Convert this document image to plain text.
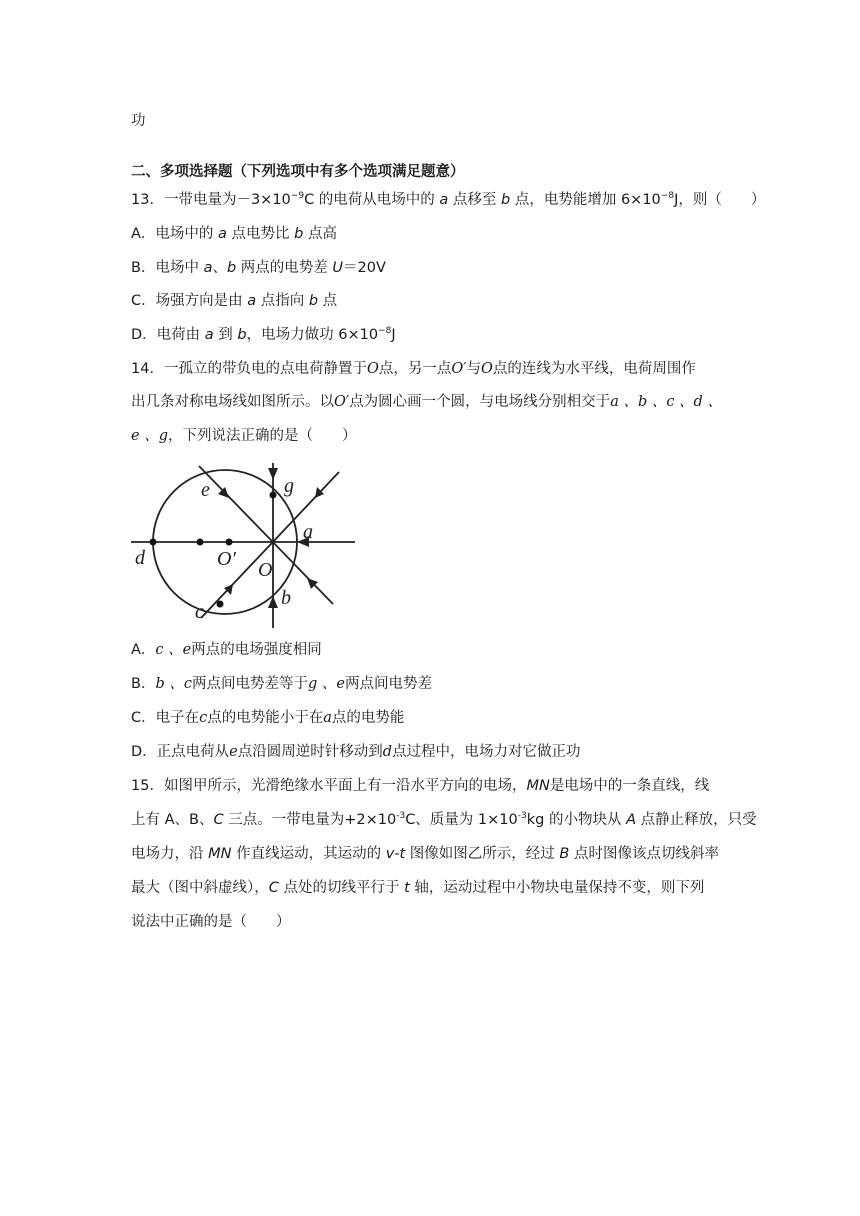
功
二、多项选择题（下列选项中有多个选项满足题意）
13．一带电量为$-3\times 10^{-9}C$ 的电荷从电场中的 a 点移至 b 点，电势能增加 $6\times 10^{-8}J$，则（　　）
A．电场中的 a 点电势比 b 点高
B．电场中 a、b 两点的电势差 U＝20V
C．场强方向是由 a 点指向 b 点
D．电荷由 a 到 b，电场力做功 $6\times 10^{-8}J$
14．一孤立的带负电的点电荷静置于O点，另一点O′与O点的连线为水平线，电荷周围作
出几条对称电场线如图所示。以O′点为圆心画一个圆，与电场线分别相交于a 、b 、c 、d 、
e 、g，下列说法正确的是（　　）
e	g
a
d	O′ O
b
c
A．c 、e两点的电场强度相同
B．b 、c两点间电势差等于g 、e两点间电势差
C．电子在c点的电势能小于在a点的电势能
D．正点电荷从e点沿圆周逆时针移动到d点过程中，电场力对它做正功
15．如图甲所示，光滑绝缘水平面上有一沿水平方向的电场，MN是电场中的一条直线，线
上有 A、B、C 三点。一带电量为$+2\times 10^{-3}C$、质量为 $1\times 10^{-3}kg$ 的小物块从 A 点静止释放，只受
电场力，沿 MN 作直线运动，其运动的 v-t 图像如图乙所示，经过 B 点时图像该点切线斜率
最大（图中斜虚线），C 点处的切线平行于 t 轴，运动过程中小物块电量保持不变，则下列
说法中正确的是（　　）
